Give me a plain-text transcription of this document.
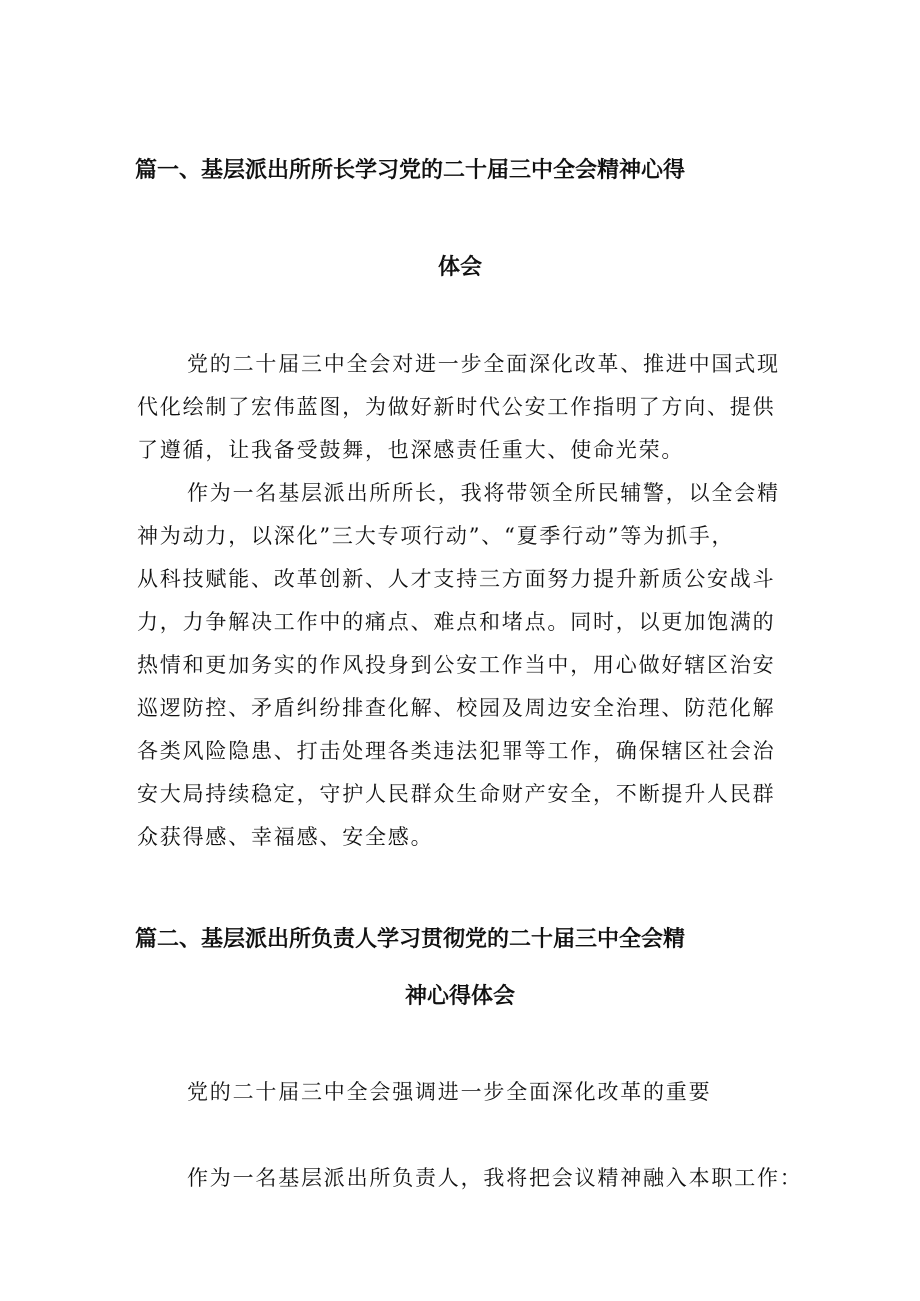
篇一、基层派出所所长学习党的二十届三中全会精神心得
体会
党的二十届三中全会对进一步全面深化改革、推进中国式现
代化绘制了宏伟蓝图，为做好新时代公安工作指明了方向、提供
了遵循，让我备受鼓舞，也深感责任重大、使命光荣。
作为一名基层派出所所长，我将带领全所民辅警，以全会精
神为动力，以深化”三大专项行动”、“夏季行动”等为抓手，
从科技赋能、改革创新、人才支持三方面努力提升新质公安战斗
力，力争解决工作中的痛点、难点和堵点。同时，以更加饱满的
热情和更加务实的作风投身到公安工作当中，用心做好辖区治安
巡逻防控、矛盾纠纷排查化解、校园及周边安全治理、防范化解
各类风险隐患、打击处理各类违法犯罪等工作，确保辖区社会治
安大局持续稳定，守护人民群众生命财产安全，不断提升人民群
众获得感、幸福感、安全感。
篇二、基层派出所负责人学习贯彻党的二十届三中全会精
神心得体会
党的二十届三中全会强调进一步全面深化改革的重要
作为一名基层派出所负责人，我将把会议精神融入本职工作：
